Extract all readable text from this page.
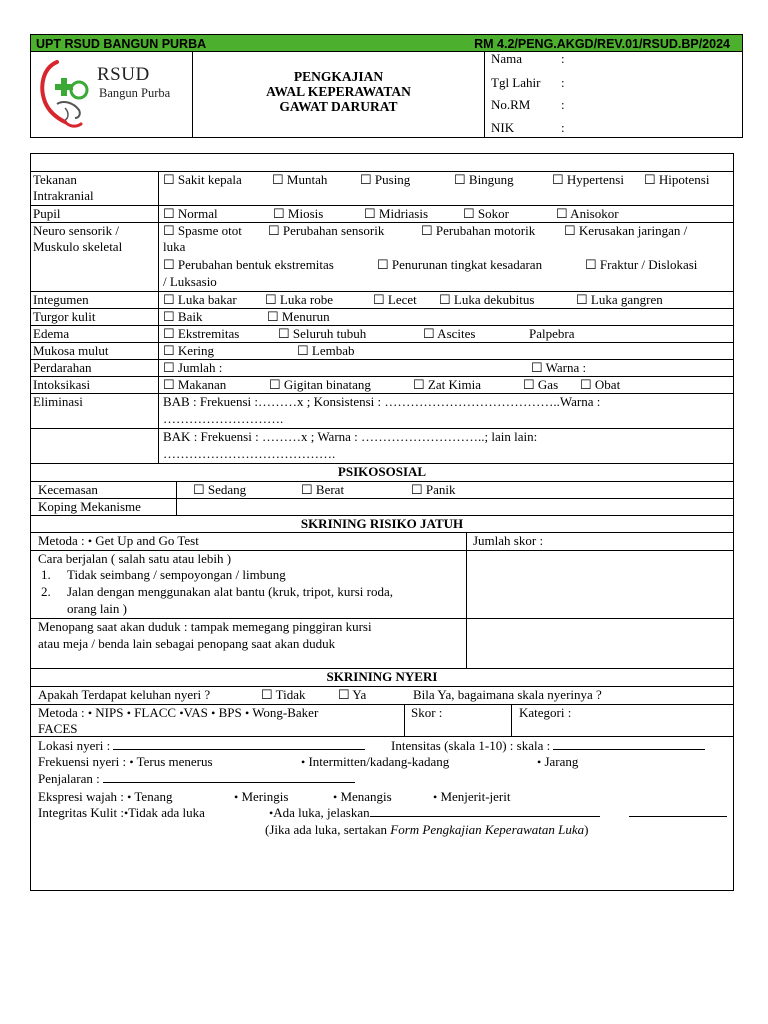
UPT RSUD BANGUN PURBA	RM 4.2/PENG.AKGD/REV.01/RSUD.BP/2024
RSUD
Bangun Purba
PENGKAJIAN
AWAL KEPERAWATAN
GAWAT DARURAT
Nama	:
Tgl Lahir :
No.RM :
NIK	:
Tekanan
Intrakranial
☐ Sakit kepala ☐ Muntah	☐ Pusing	☐ Bingung	☐ Hypertensi ☐ Hipotensi
Pupil	☐ Normal	☐ Miosis	☐ Midriasis	☐ Sokor	☐ Anisokor
Neuro sensorik /
Muskulo skeletal
☐ Spasme otot ☐ Perubahan sensorik	☐ Perubahan motorik ☐ Kerusakan jaringan /
luka
☐ Perubahan bentuk ekstremitas	☐ Penurunan tingkat kesadaran	☐ Fraktur / Dislokasi
/ Luksasio
Integumen	☐ Luka bakar ☐ Luka robe	☐ Lecet ☐ Luka dekubitus	☐ Luka gangren
Turgor kulit	☐ Baik	☐ Menurun
Edema	☐ Ekstremitas	☐ Seluruh tubuh	☐ Ascites	Palpebra
Mukosa mulut	☐ Kering	☐ Lembab
Perdarahan	☐ Jumlah :	☐ Warna :
Intoksikasi	☐ Makanan	☐ Gigitan binatang	☐ Zat Kimia	☐ Gas ☐ Obat
Eliminasi	BAB : Frekuensi :………x ; Konsistensi : …………………………………..Warna :
……………………….
BAK : Frekuensi : ………x ; Warna : ………………………..; lain lain:
………………………………….
PSIKOSOSIAL
Kecemasan	☐ Sedang	☐ Berat	☐ Panik
Koping Mekanisme
SKRINING RISIKO JATUH
Metoda : • Get Up and Go Test	Jumlah skor :
Cara berjalan ( salah satu atau lebih )
1. Tidak seimbang / sempoyongan / limbung
2. Jalan dengan menggunakan alat bantu (kruk, tripot, kursi roda,
orang lain )
Menopang saat akan duduk : tampak memegang pinggiran kursi
atau meja / benda lain sebagai penopang saat akan duduk
SKRINING NYERI
Apakah Terdapat keluhan nyeri ?	☐ Tidak ☐ Ya	Bila Ya, bagaimana skala nyerinya ?
Metoda : • NIPS • FLACC • VAS • BPS • Wong-Baker
FACES
Skor :	Kategori :
Lokasi nyeri :	Intensitas (skala 1-10) : skala :
Frekuensi nyeri : • Terus menerus •	Intermitten/kadang-kadang •	Jarang
Penjalaran :
Ekspresi wajah : • Tenang •	Meringis •	Menangis •	Menjerit-jerit
Integritas Kulit : • Tidak ada luka •	Ada luka, jelaskan
(Jika ada luka, sertakan Form Pengkajian Keperawatan Luka)
